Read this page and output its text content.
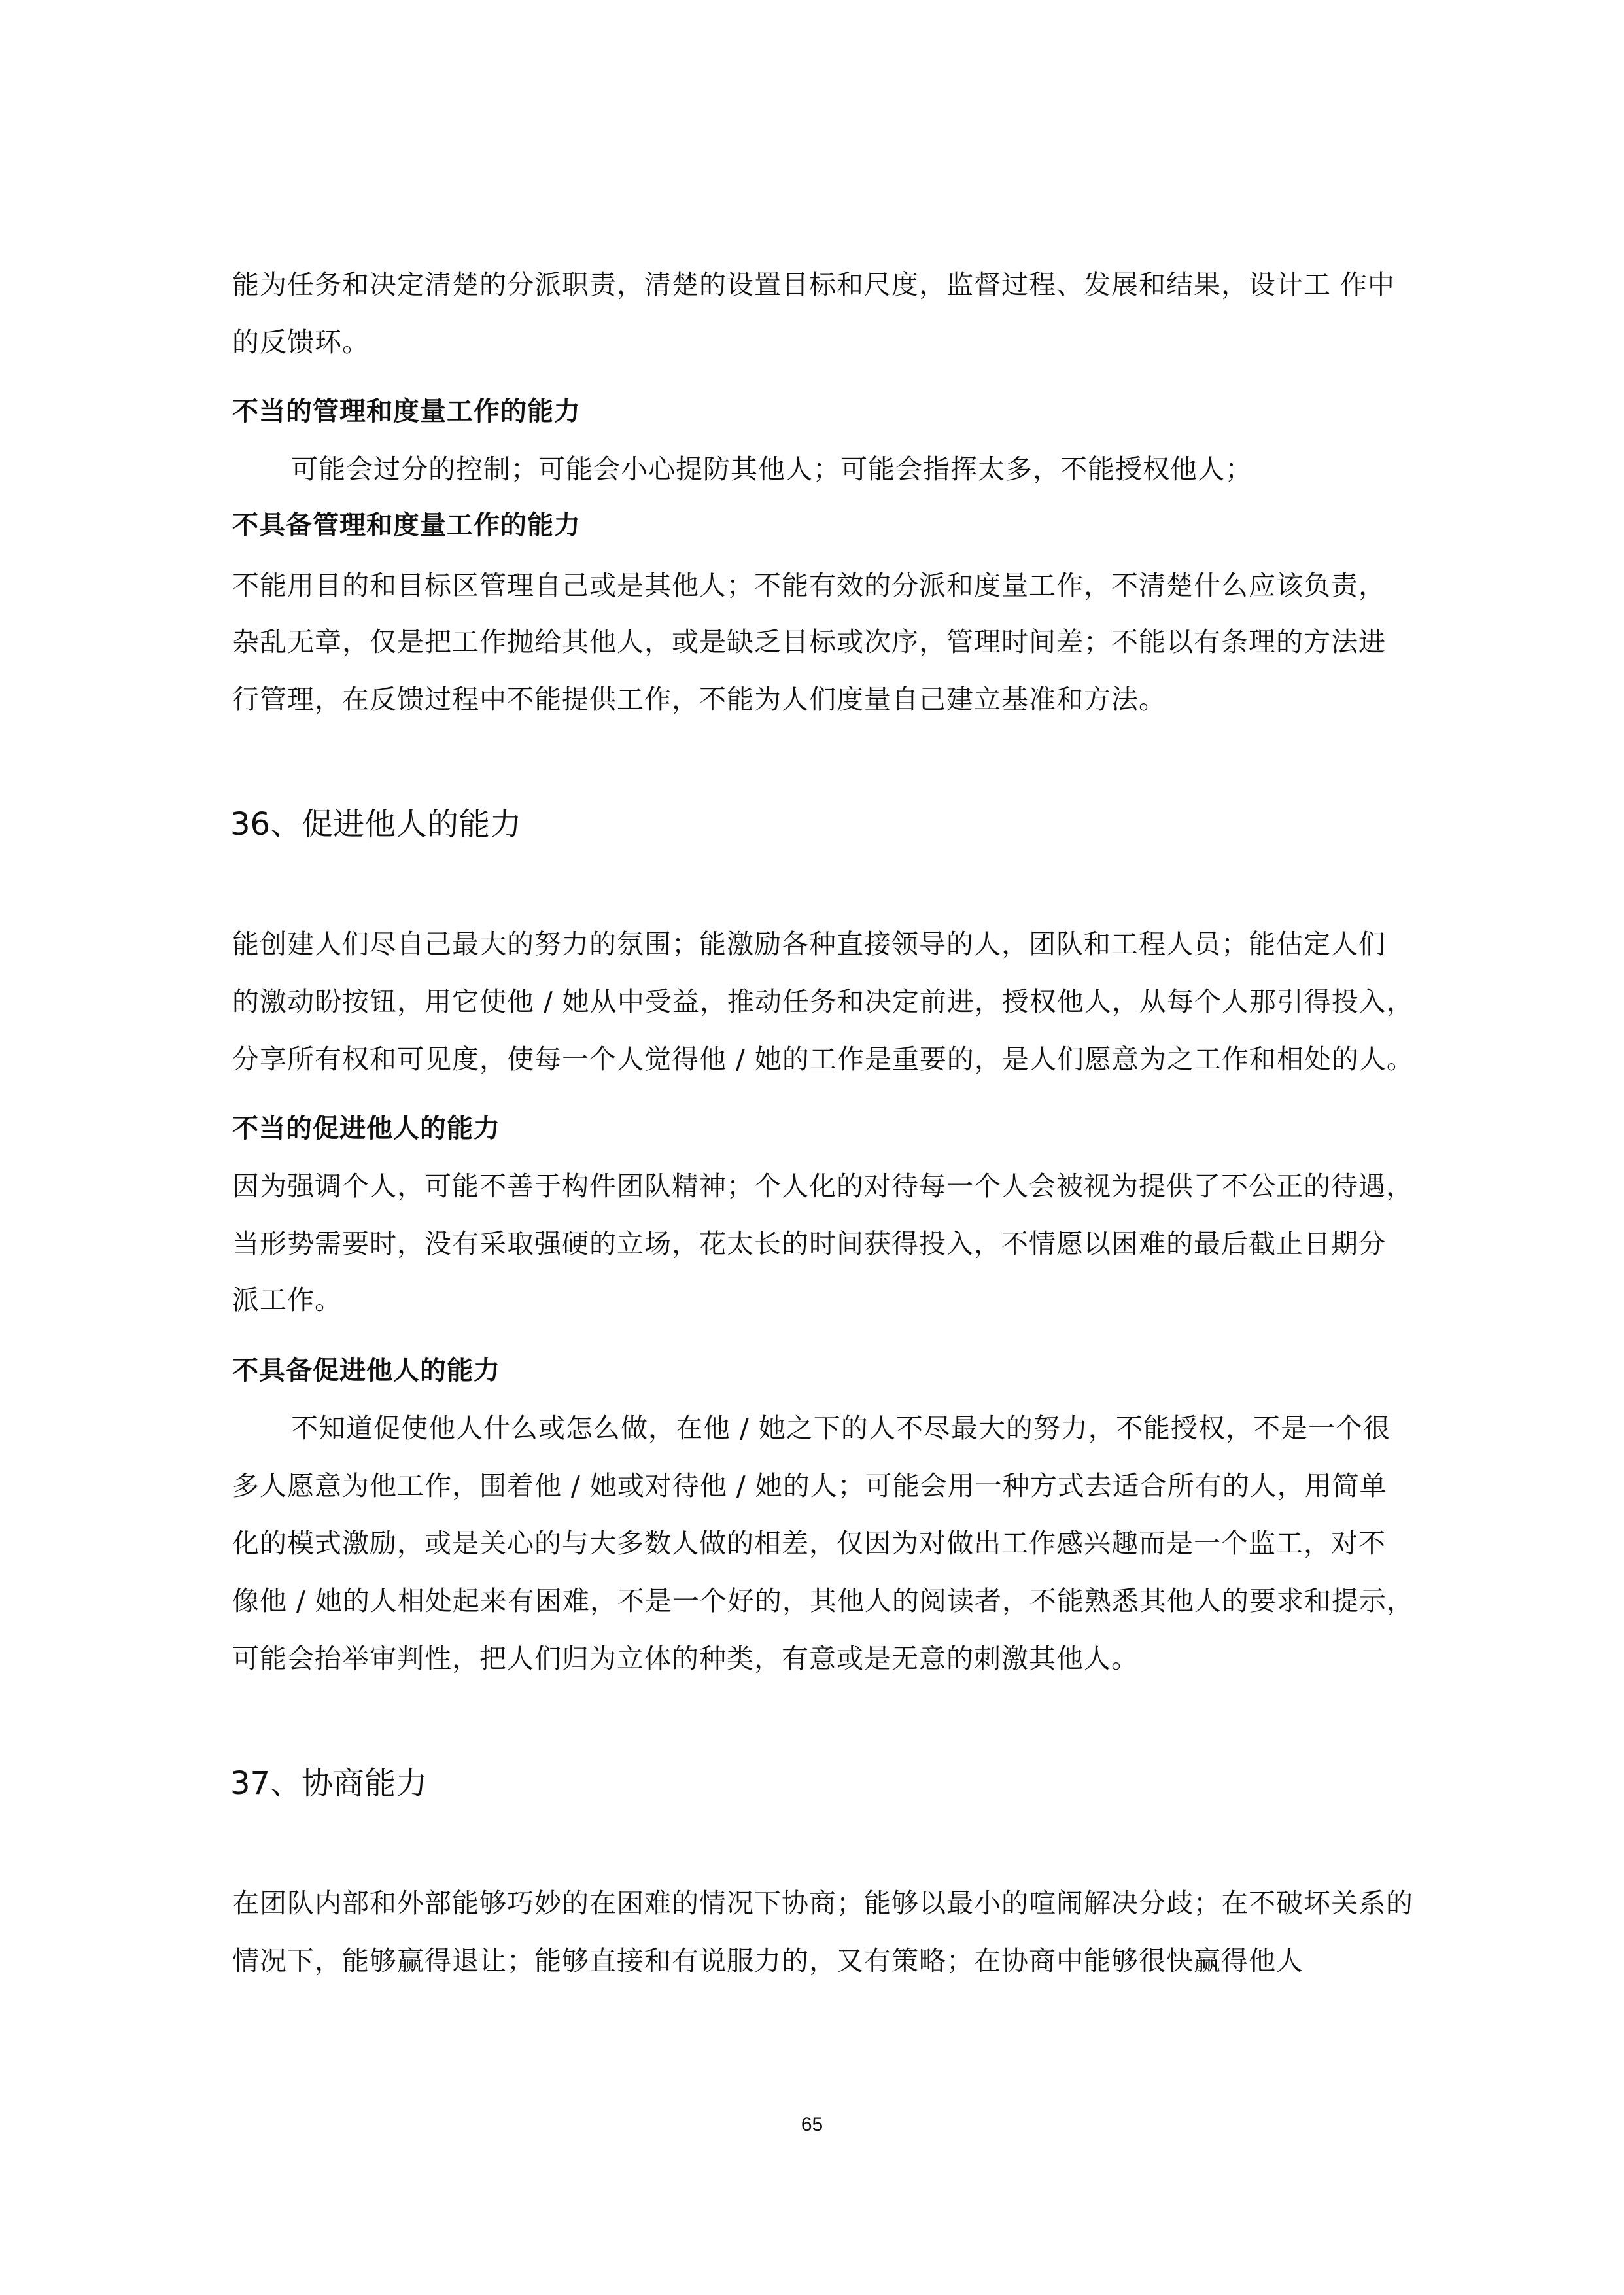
能为任务和决定清楚的分派职责，清楚的设置目标和尺度，监督过程、发展和结果，设计工 作中
的反馈环。
不当的管理和度量工作的能力
可能会过分的控制；可能会小心提防其他人；可能会指挥太多，不能授权他人；
不具备管理和度量工作的能力
不能用目的和目标区管理自己或是其他人；不能有效的分派和度量工作，不清楚什么应该负责，
杂乱无章，仅是把工作抛给其他人，或是缺乏目标或次序，管理时间差；不能以有条理的方法进
行管理，在反馈过程中不能提供工作，不能为人们度量自己建立基准和方法。
36、促进他人的能力
能创建人们尽自己最大的努力的氛围；能激励各种直接领导的人，团队和工程人员；能估定人们
的激动盼按钮，用它使他 / 她从中受益，推动任务和决定前进，授权他人，从每个人那引得投入，
分享所有权和可见度，使每一个人觉得他 / 她的工作是重要的，是人们愿意为之工作和相处的人。
不当的促进他人的能力
因为强调个人，可能不善于构件团队精神；个人化的对待每一个人会被视为提供了不公正的待遇，
当形势需要时，没有采取强硬的立场，花太长的时间获得投入，不情愿以困难的最后截止日期分
派工作。
不具备促进他人的能力
不知道促使他人什么或怎么做，在他 / 她之下的人不尽最大的努力，不能授权，不是一个很
多人愿意为他工作，围着他 / 她或对待他 / 她的人；可能会用一种方式去适合所有的人，用简单
化的模式激励，或是关心的与大多数人做的相差，仅因为对做出工作感兴趣而是一个监工，对不
像他 / 她的人相处起来有困难，不是一个好的，其他人的阅读者，不能熟悉其他人的要求和提示，
可能会抬举审判性，把人们归为立体的种类，有意或是无意的刺激其他人。
37、协商能力
在团队内部和外部能够巧妙的在困难的情况下协商；能够以最小的喧闹解决分歧；在不破坏关系的
情况下，能够赢得退让；能够直接和有说服力的，又有策略；在协商中能够很快赢得他人
65
